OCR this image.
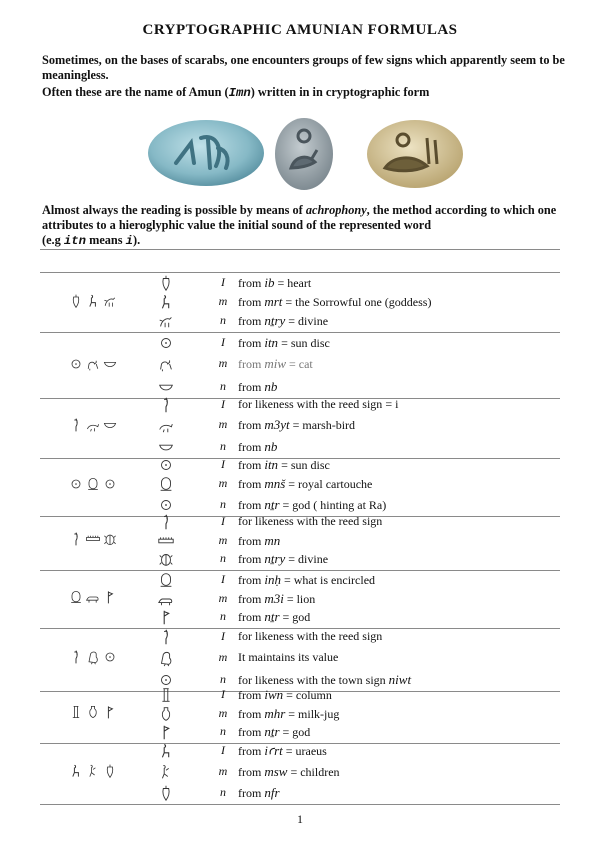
CRYPTOGRAPHIC AMUNIAN FORMULAS
Sometimes, on the bases of scarabs, one encounters groups of few signs which apparently seem to be meaningless.
Often these are the name of Amun (Imn) written in in cryptographic form
Almost always the reading is possible by means of achrophony, the method according to which one attributes to a hieroglyphic value the initial sound of the represented word
(e.g itn means i).
I	from ib = heart
m from mrt = the Sorrowful one (goddess)
n	from nṯry = divine
I	from itn = sun disc
m from miw = cat
n	from nb
I	for likeness with the reed sign = i
m from m3yt = marsh-bird
n	from nb
I	from itn = sun disc
m from mnš = royal cartouche
n	from nṯr = god ( hinting at Ra)
I	for likeness with the reed sign
m from mn
n	from nṯry = divine
I	from inḥ = what is encircled
m from m3i = lion
n	from nṯr = god
I	for likeness with the reed sign
m It maintains its value
n	for likeness with the town sign niwt
I	from iwn = column
m from mhr = milk-jug
n	from nṯr = god
I	from iꜥrt = uraeus
m from msw = children
n	from nfr
1
